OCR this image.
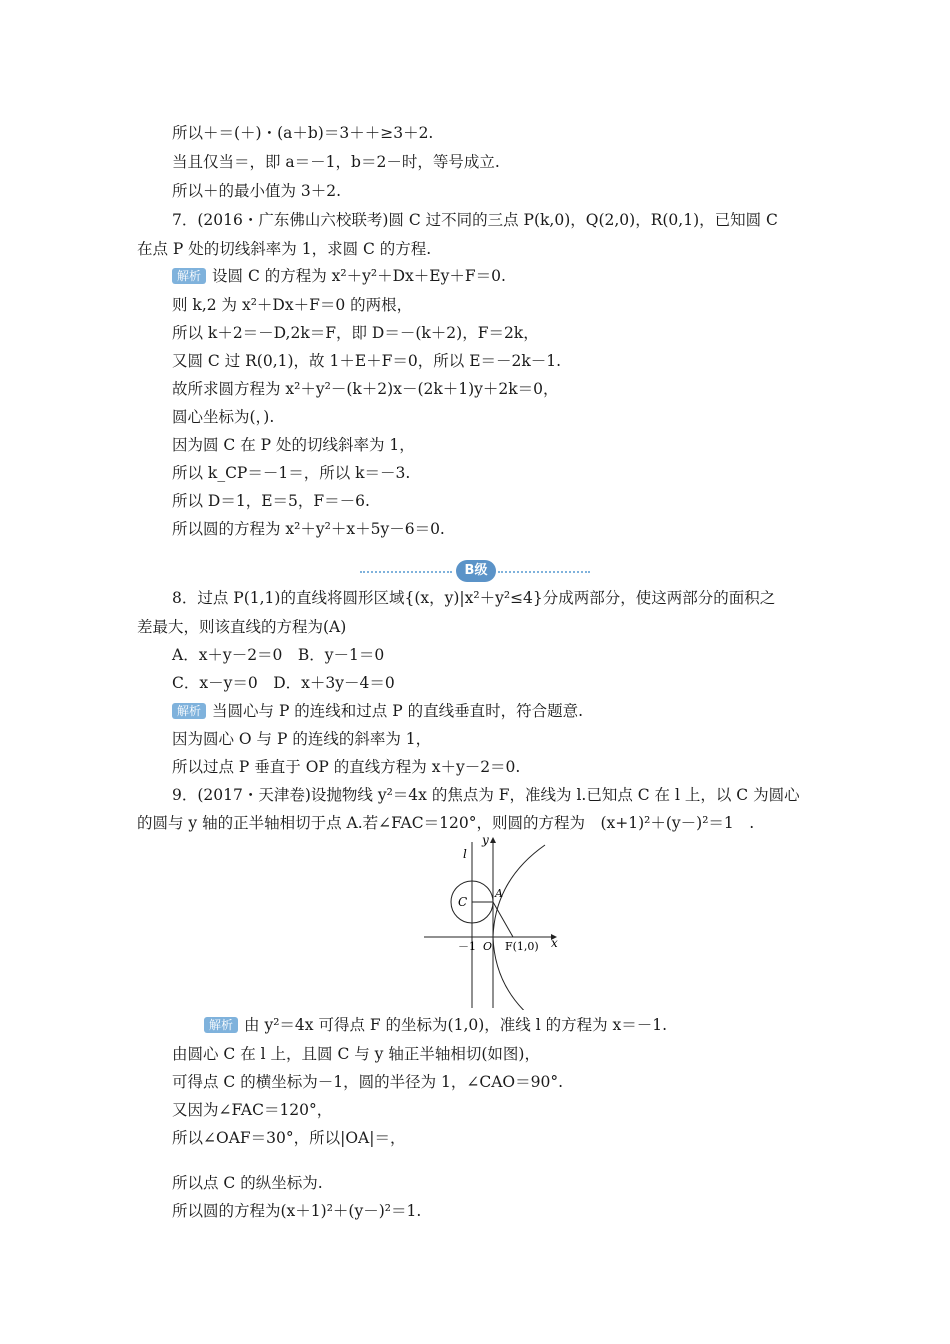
所以＋＝(＋)・(a＋b)＝3＋＋≥3＋2.
当且仅当＝，即 a＝－1，b＝2－时，等号成立.
所以＋的最小值为 3＋2.
7．(2016・广东佛山六校联考)圆 C 过不同的三点 P(k,0)，Q(2,0)，R(0,1)，已知圆 C
在点 P 处的切线斜率为 1，求圆 C 的方程.
解析 设圆 C 的方程为 x²＋y²＋Dx＋Ey＋F＝0.
则 k,2 为 x²＋Dx＋F＝0 的两根，
所以 k＋2＝－D,2k＝F，即 D＝－(k＋2)，F＝2k，
又圆 C 过 R(0,1)，故 1＋E＋F＝0，所以 E＝－2k－1.
故所求圆方程为 x²＋y²－(k＋2)x－(2k＋1)y＋2k＝0，
圆心坐标为(，).
因为圆 C 在 P 处的切线斜率为 1，
所以 k_CP＝－1＝，所以 k＝－3.
所以 D＝1，E＝5，F＝－6.
所以圆的方程为 x²＋y²＋x＋5y－6＝0.
B级
8．过点 P(1,1)的直线将圆形区域{(x，y)|x²＋y²≤4}分成两部分，使这两部分的面积之
差最大，则该直线的方程为(A)
A．x＋y－2＝0　B．y－1＝0
C．x－y＝0　D．x＋3y－4＝0
解析 当圆心与 P 的连线和过点 P 的直线垂直时，符合题意.
因为圆心 O 与 P 的连线的斜率为 1，
所以过点 P 垂直于 OP 的直线方程为 x＋y－2＝0.
9．(2017・天津卷)设抛物线 y²＝4x 的焦点为 F，准线为 l.已知点 C 在 l 上，以 C 为圆心
的圆与 y 轴的正半轴相切于点 A.若∠FAC＝120°，则圆的方程为　(x+1)²＋(y－)²＝1　.
l
y
x
C
A
O
－1	F(1,0)
解析 由 y²＝4x 可得点 F 的坐标为(1,0)，准线 l 的方程为 x＝－1.
由圆心 C 在 l 上，且圆 C 与 y 轴正半轴相切(如图)，
可得点 C 的横坐标为－1，圆的半径为 1，∠CAO＝90°.
又因为∠FAC＝120°，
所以∠OAF＝30°，所以|OA|＝，
所以点 C 的纵坐标为.
所以圆的方程为(x＋1)²＋(y－)²＝1.
